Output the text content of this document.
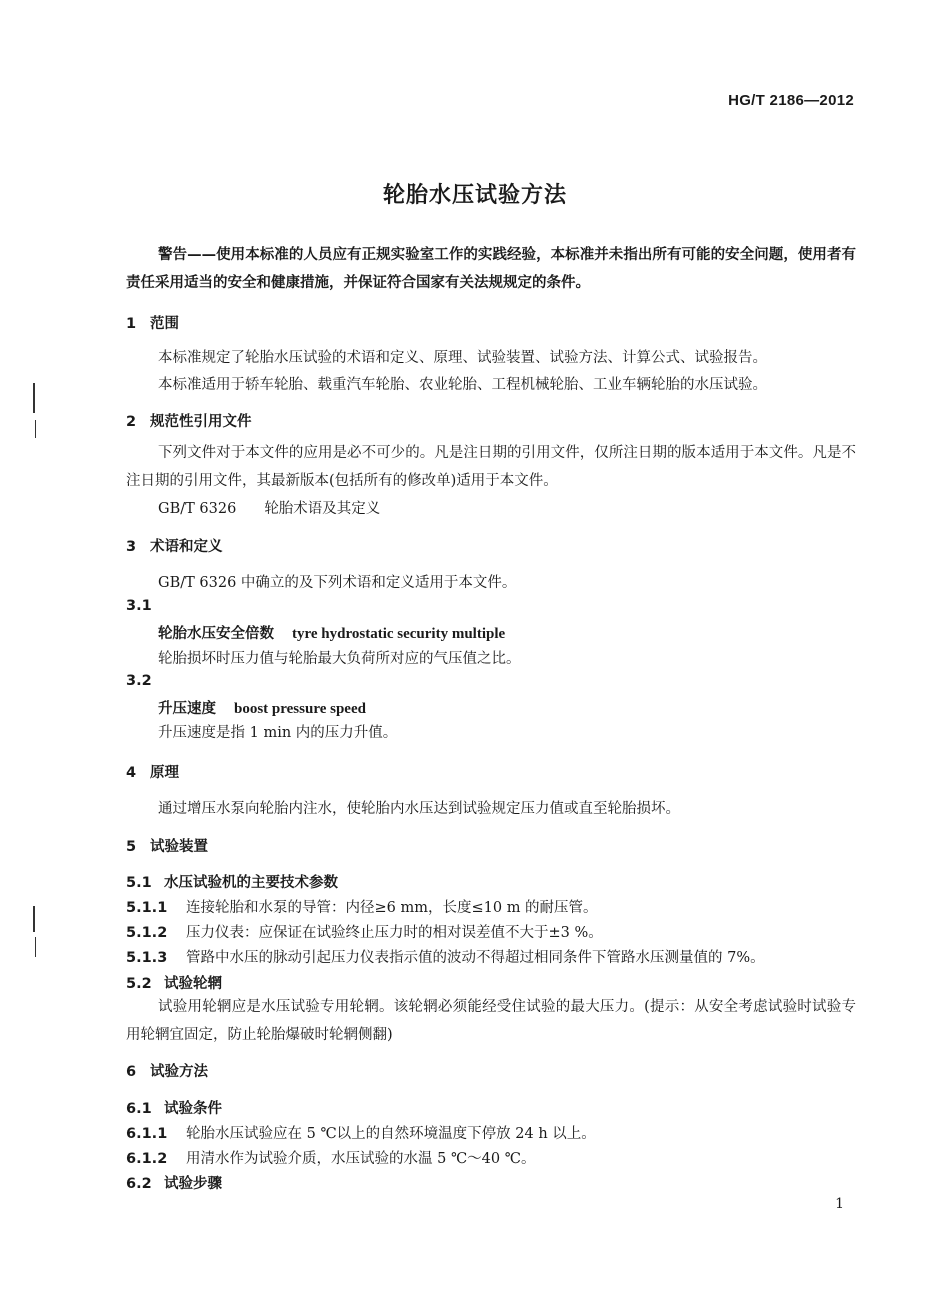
HG/T 2186—2012
轮胎水压试验方法
警告——使用本标准的人员应有正规实验室工作的实践经验，本标准并未指出所有可能的安全问题，使用者有责任采用适当的安全和健康措施，并保证符合国家有关法规规定的条件。
1 范围
本标准规定了轮胎水压试验的术语和定义、原理、试验装置、试验方法、计算公式、试验报告。
本标准适用于轿车轮胎、载重汽车轮胎、农业轮胎、工程机械轮胎、工业车辆轮胎的水压试验。
2 规范性引用文件
下列文件对于本文件的应用是必不可少的。凡是注日期的引用文件，仅所注日期的版本适用于本文件。凡是不注日期的引用文件，其最新版本(包括所有的修改单)适用于本文件。
GB/T 6326 轮胎术语及其定义
3 术语和定义
GB/T 6326 中确立的及下列术语和定义适用于本文件。
3.1
轮胎水压安全倍数 tyre hydrostatic security multiple
轮胎损坏时压力值与轮胎最大负荷所对应的气压值之比。
3.2
升压速度 boost pressure speed
升压速度是指 1 min 内的压力升值。
4 原理
通过增压水泵向轮胎内注水，使轮胎内水压达到试验规定压力值或直至轮胎损坏。
5 试验装置
5.1 水压试验机的主要技术参数
5.1.1 连接轮胎和水泵的导管：内径≥6 mm，长度≤10 m 的耐压管。
5.1.2 压力仪表：应保证在试验终止压力时的相对误差值不大于±3 %。
5.1.3 管路中水压的脉动引起压力仪表指示值的波动不得超过相同条件下管路水压测量值的 7%。
5.2 试验轮辋
试验用轮辋应是水压试验专用轮辋。该轮辋必须能经受住试验的最大压力。(提示：从安全考虑试验时试验专用轮辋宜固定，防止轮胎爆破时轮辋侧翻)
6 试验方法
6.1 试验条件
6.1.1 轮胎水压试验应在 5 ℃以上的自然环境温度下停放 24 h 以上。
6.1.2 用清水作为试验介质，水压试验的水温 5 ℃～40 ℃。
6.2 试验步骤
1
